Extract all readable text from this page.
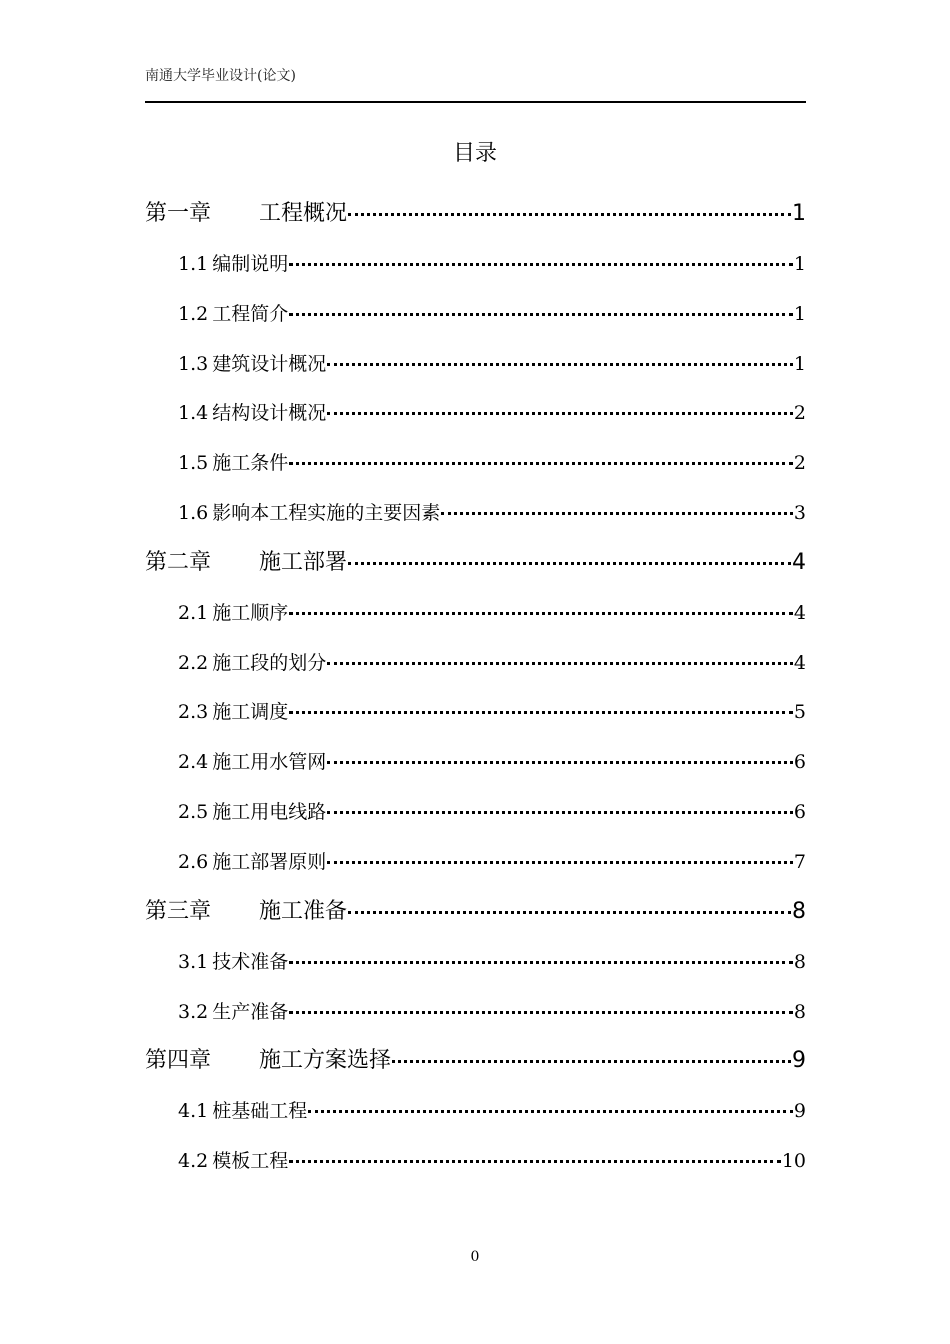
南通大学毕业设计(论文)
目录
第一章	工程概况	1
1.1 编制说明	1
1.2 工程简介	1
1.3 建筑设计概况	1
1.4 结构设计概况	2
1.5 施工条件	2
1.6 影响本工程实施的主要因素	3
第二章	施工部署	4
2.1 施工顺序	4
2.2 施工段的划分	4
2.3 施工调度	5
2.4 施工用水管网	6
2.5 施工用电线路	6
2.6 施工部署原则	7
第三章	施工准备	8
3.1 技术准备	8
3.2 生产准备	8
第四章	施工方案选择	9
4.1 桩基础工程	9
4.2 模板工程	10
0
